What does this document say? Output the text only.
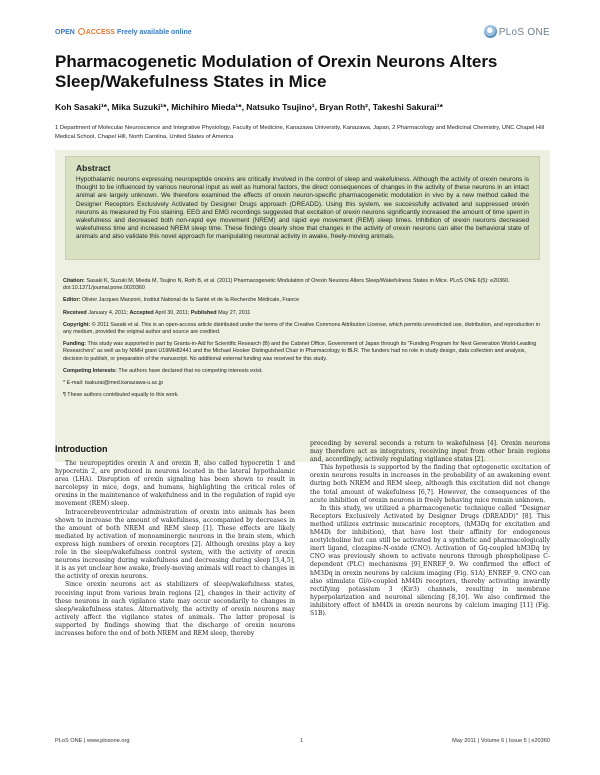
OPEN ACCESS Freely available online	PLoS ONE
Pharmacogenetic Modulation of Orexin Neurons Alters Sleep/Wakefulness States in Mice
Koh Sasaki¹*, Mika Suzuki¹*, Michihiro Mieda¹*, Natsuko Tsujino¹, Bryan Roth², Takeshi Sakurai¹*
1 Department of Molecular Neuroscience and Integrative Physiology, Faculty of Medicine, Kanazawa University, Kanazawa, Japan, 2 Pharmacology and Medicinal Chemistry, UNC Chapel Hill Medical School, Chapel Hill, North Carolina, United States of America
Abstract

Hypothalamic neurons expressing neuropeptide orexins are critically involved in the control of sleep and wakefulness. Although the activity of orexin neurons is thought to be influenced by various neuronal input as well as humoral factors, the direct consequences of changes in the activity of these neurons in an intact animal are largely unknown. We therefore examined the effects of orexin neuron-specific pharmacogenetic modulation in vivo by a new method called the Designer Receptors Exclusively Activated by Designer Drugs approach (DREADD). Using this system, we successfully activated and suppressed orexin neurons as measured by Fos staining. EEG and EMG recordings suggested that excitation of orexin neurons significantly increased the amount of time spent in wakefulness and decreased both non-rapid eye movement (NREM) and rapid eye movement (REM) sleep times. Inhibition of orexin neurons decreased wakefulness time and increased NREM sleep time. These findings clearly show that changes in the activity of orexin neurons can alter the behavioral state of animals and also validate this novel approach for manipulating neuronal activity in awake, freely-moving animals.

Citation: Sasaki K, Suzuki M, Mieda M, Tsujino N, Roth B, et al. (2011) Pharmacogenetic Modulation of Orexin Neurons Alters Sleep/Wakefulness States in Mice. PLoS ONE 6(5): e20360. doi:10.1371/journal.pone.0020360
Editor: Olivier Jacques Manzoni, Institut National de la Santé et de la Recherche Médicale, France
Received January 4, 2011; Accepted April 30, 2011; Published May 27, 2011
Copyright: © 2011 Sasaki et al. This is an open-access article distributed under the terms of the Creative Commons Attribution License, which permits unrestricted use, distribution, and reproduction in any medium, provided the original author and source are credited.
Funding: This study was supported in part by Grants-in-Aid for Scientific Research (B) and the Cabinet Office, Government of Japan through its "Funding Program for Next Generation World-Leading Researchers" as well as by NIMH grant U19MH82441 and the Michael Hooker Distinguished Chair in Pharmacology to BLR. The funders had no role in study design, data collection and analysis, decision to publish, or preparation of the manuscript. No additional external funding was received for this study.
Competing Interests: The authors have declared that no competing interests exist.
* E-mail: tsakurai@med.kanazawa-u.ac.jp
¶ These authors contributed equally to this work.
Introduction

The neuropeptides orexin A and orexin B, also called hypocretin 1 and hypocretin 2, are produced in neurons located in the lateral hypothalamic area (LHA). Disruption of orexin signaling has been shown to result in narcolepsy in mice, dogs, and humans, highlighting the critical roles of orexins in the maintenance of wakefulness and in the regulation of rapid eye movement (REM) sleep.

Intracerebroventricular administration of orexin into animals has been shown to increase the amount of wakefulness, accompanied by decreases in the amount of both NREM and REM sleep [1]. These effects are likely mediated by activation of monoaminergic neurons in the brain stem, which express high numbers of orexin receptors [2]. Although orexins play a key role in the sleep/wakefulness control system, with the activity of orexin neurons increasing during wakefulness and decreasing during sleep [3,4,5], it is as yet unclear how awake, freely-moving animals will react to changes in the activity of orexin neurons.

Since orexin neurons act as stabilizers of sleep/wakefulness states, receiving input from various brain regions [2], changes in their activity of these neurons in each vigilance state may occur secondarily to changes in sleep/wakefulness states. Alternatively, the activity of orexin neurons may actively affect the vigilance states of animals. The latter proposal is supported by findings showing that the discharge of orexin neurons increases before the end of both NREM and REM sleep, thereby

preceding by several seconds a return to wakefulness [4]. Orexin neurons may therefore act as integrators, receiving input from other brain regions and, accordingly, actively regulating vigilance states [2].

This hypothesis is supported by the finding that optogenetic excitation of orexin neurons results in increases in the probability of an awakening event during both NREM and REM sleep, although this excitation did not change the total amount of wakefulness [6,7]. However, the consequences of the acute inhibition of orexin neurons in freely behaving mice remain unknown.

In this study, we utilized a pharmacogenetic technique called "Designer Receptors Exclusively Activated by Designer Drugs (DREADD)" [8]. This method utilizes extrinsic muscarinic receptors, (hM3Dq for excitation and hM4Di for inhibition), that have lost their affinity for endogenous acetylcholine but can still be activated by a synthetic and pharmacologically inert ligand, clozapine-N-oxide (CNO). Activation of Gq-coupled hM3Dq by CNO was previously shown to activate neurons through phospholipase C-dependent (PLC) mechanisms [9]_ENREF_9. We confirmed the effect of hM3Dq in orexin neurons by calcium imaging (Fig. S1A)_ENREF_9. CNO can also stimulate Gi/o-coupled hM4Di receptors, thereby activating inwardly rectifying potassium 3 (Kir3) channels, resulting in membrane hyperpolarization and neuronal silencing [8,10]. We also confirmed the inhibitory effect of hM4Di in orexin neurons by calcium imaging [11] (Fig. S1B).

PLoS ONE | www.plosone.org	1	May 2011 | Volume 6 | Issue 5 | e20360
